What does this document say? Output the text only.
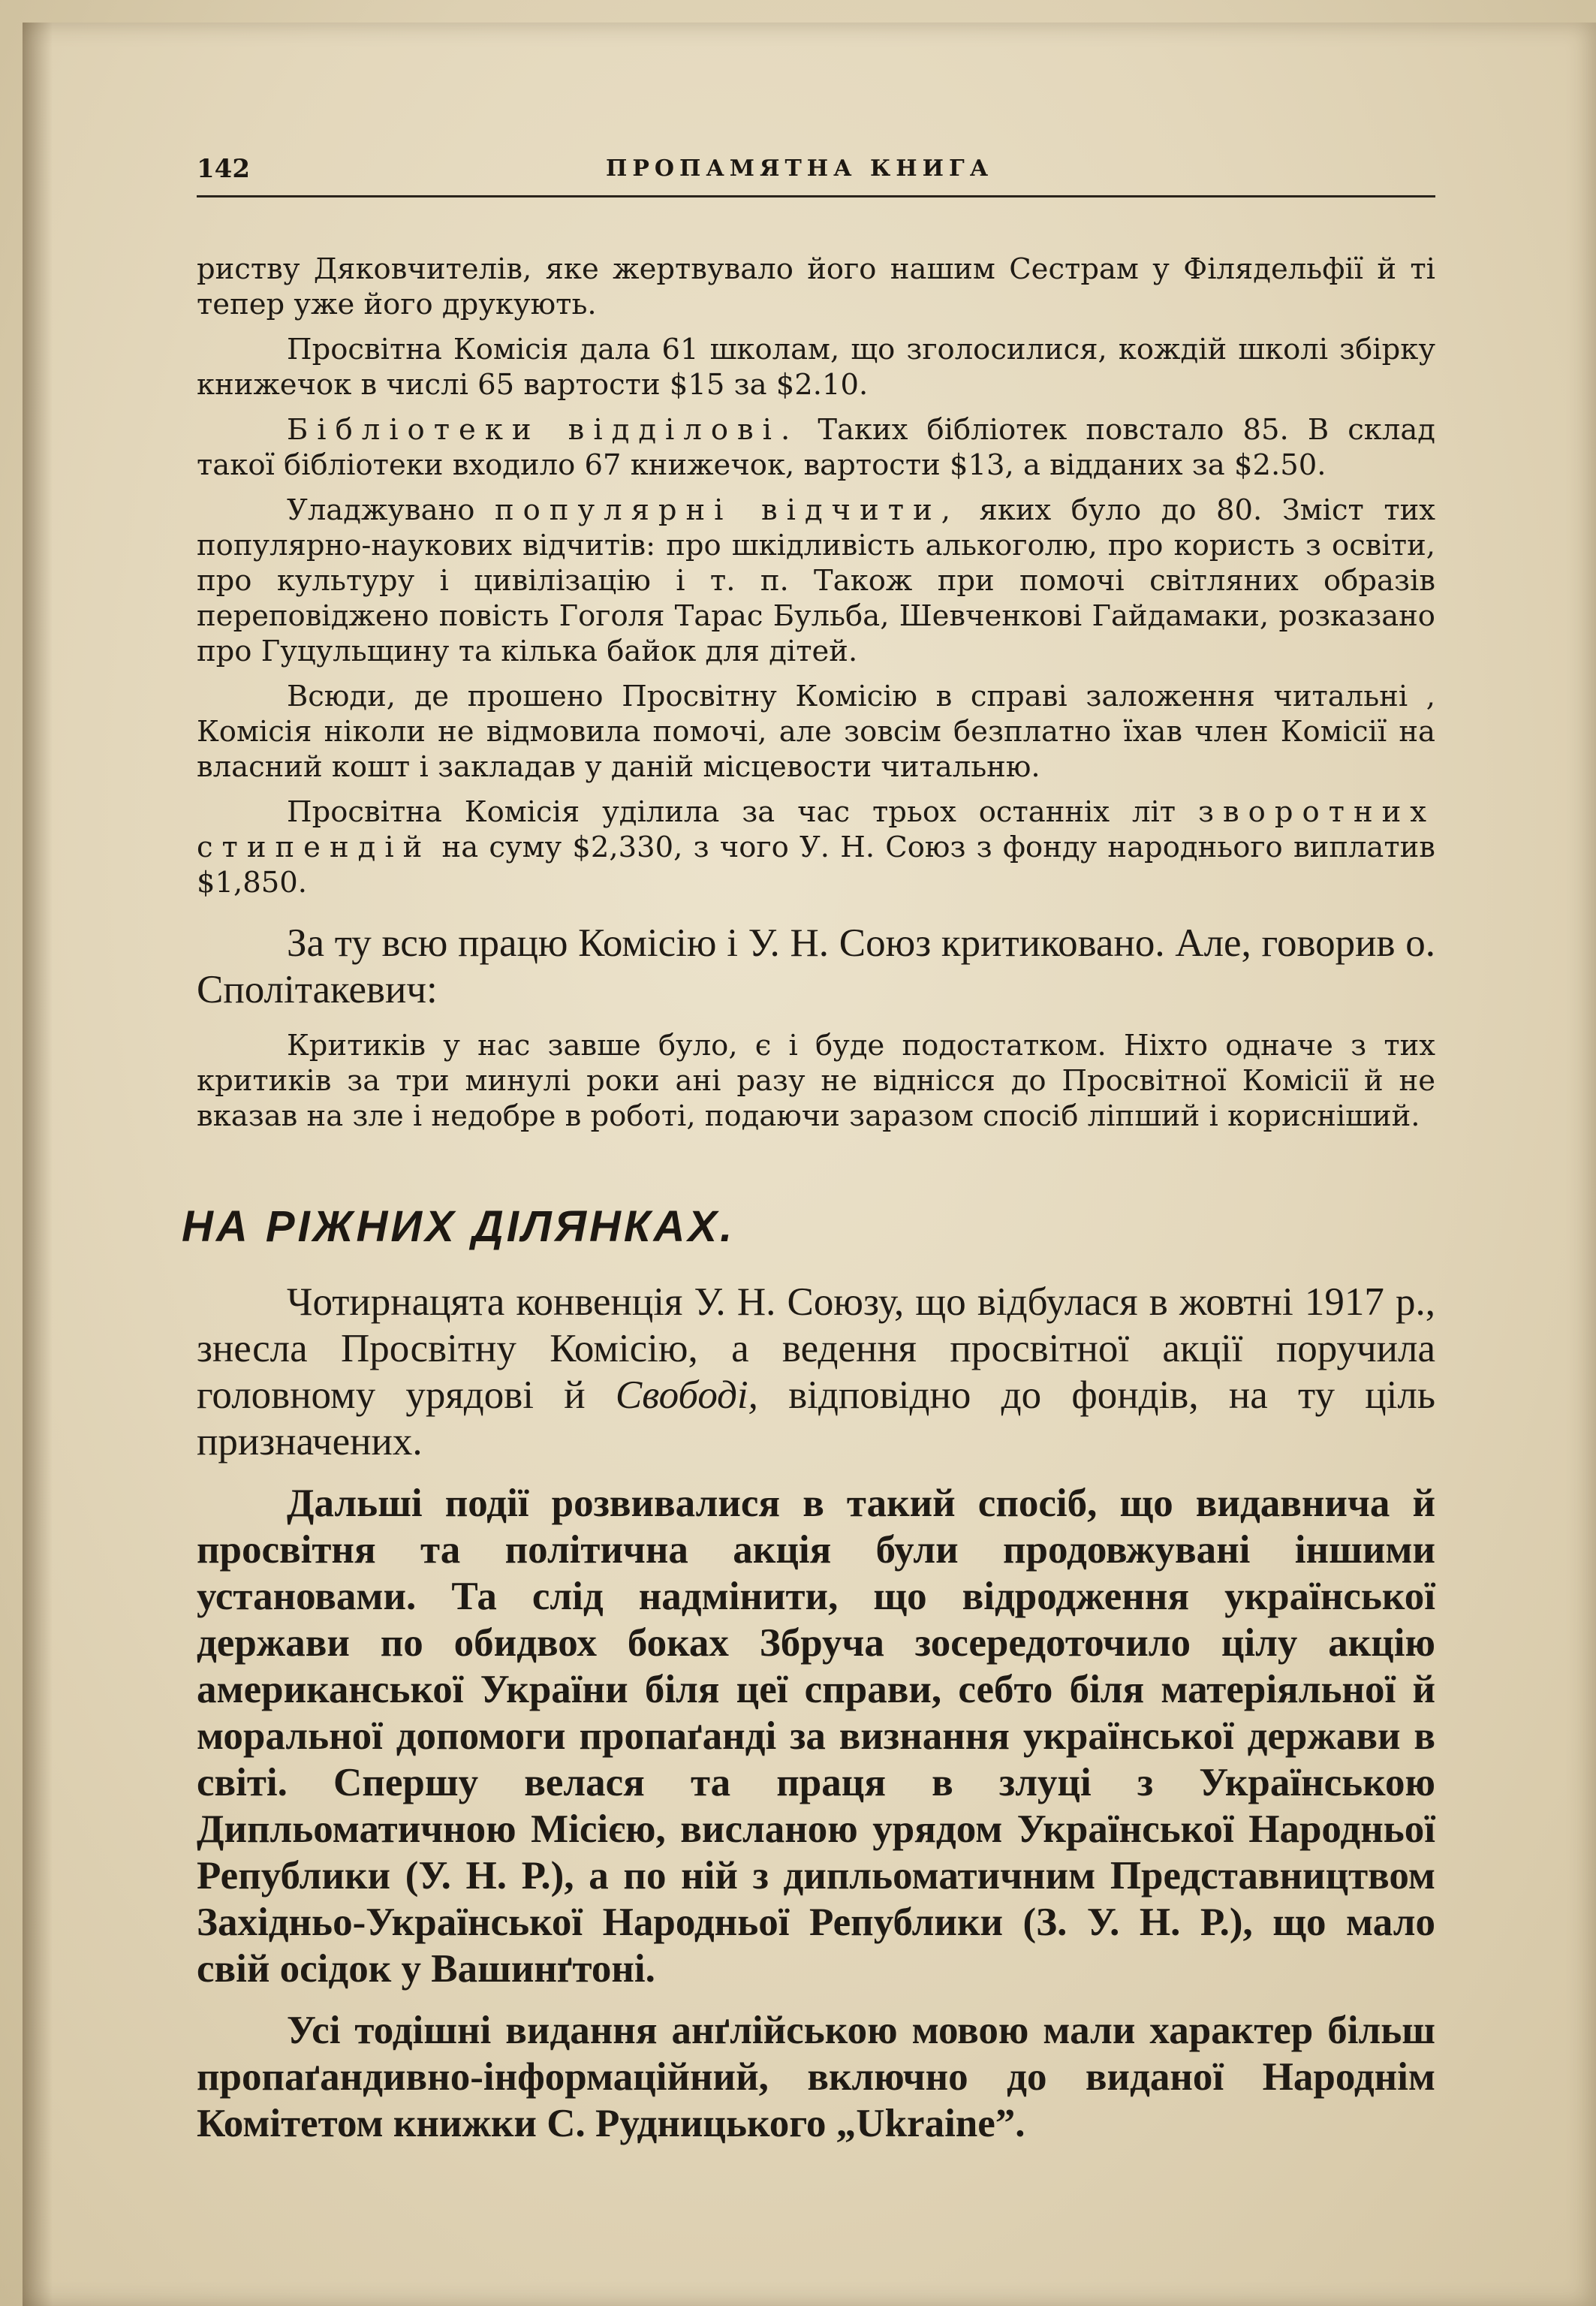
142	ПРОПАМЯТНА КНИГА

риству Дяковчителів, яке жертвувало його нашим Сестрам у Філядельфії й ті тепер уже його друкують.

Просвітна Комісія дала 61 школам, що зголосилися, кождій школі збірку книжечок в числі 65 вартости $15 за $2.10.

Бібліотеки відділові. Таких бібліотек повстало 85. В склад такої бібліотеки входило 67 книжечок, вартости $13, а відданих за $2.50.

Уладжувано популярні відчити, яких було до 80. Зміст тих популярно-наукових відчитів: про шкідливість алькоголю, про користь з освіти, про культуру і цивілізацію і т. п. Також при помочі світляних образів переповіджено повість Гоголя Тарас Бульба, Шевченкові Гайдамаки, розказано про Гуцульщину та кілька байок для дітей.

Всюди, де прошено Просвітну Комісію в справі заложення читальні , Комісія ніколи не відмовила помочі, але зовсім безплатно їхав член Комісії на власний кошт і закладав у даній місцевости читальню.

Просвітна Комісія уділила за час трьох останніх літ зворотних стипендій на суму $2,330, з чого У. Н. Союз з фонду народнього виплатив $1,850.

За ту всю працю Комісію і У. Н. Союз критиковано. Але, говорив о. Сполітакевич:

Критиків у нас завше було, є і буде подостатком. Ніхто одначе з тих критиків за три минулі роки ані разу не віднісся до Просвітної Комісії й не вказав на зле і недобре в роботі, подаючи заразом спосіб ліпший і корисніший.

НА РІЖНИХ ДІЛЯНКАХ.

Чотирнацята конвенція У. Н. Союзу, що відбулася в жовтні 1917 р., знесла Просвітну Комісію, а ведення просвітної акції поручила головному урядові й Свободі, відповідно до фондів, на ту ціль призначених.

Дальші події розвивалися в такий спосіб, що видавнича й просвітня та політична акція були продовжувані іншими установами. Та слід надмінити, що відродження української держави по обидвох боках Збруча зосередоточило цілу акцію американської України біля цеї справи, себто біля матеріяльної й моральної допомоги пропаґанді за визнання української держави в світі. Спершу велася та праця в злуці з Українською Дипльоматичною Місією, висланою урядом Української Народньої Републики (У. Н. Р.), а по ній з дипльоматичним Представництвом Західньо-Української Народньої Републики (З. У. Н. Р.), що мало свій осідок у Вашинґтоні.

Усі тодішні видання анґлійською мовою мали характер більш пропаґандивно-інформаційний, включно до виданої Народнім Комітетом книжки С. Рудницького „Ukraine”.
